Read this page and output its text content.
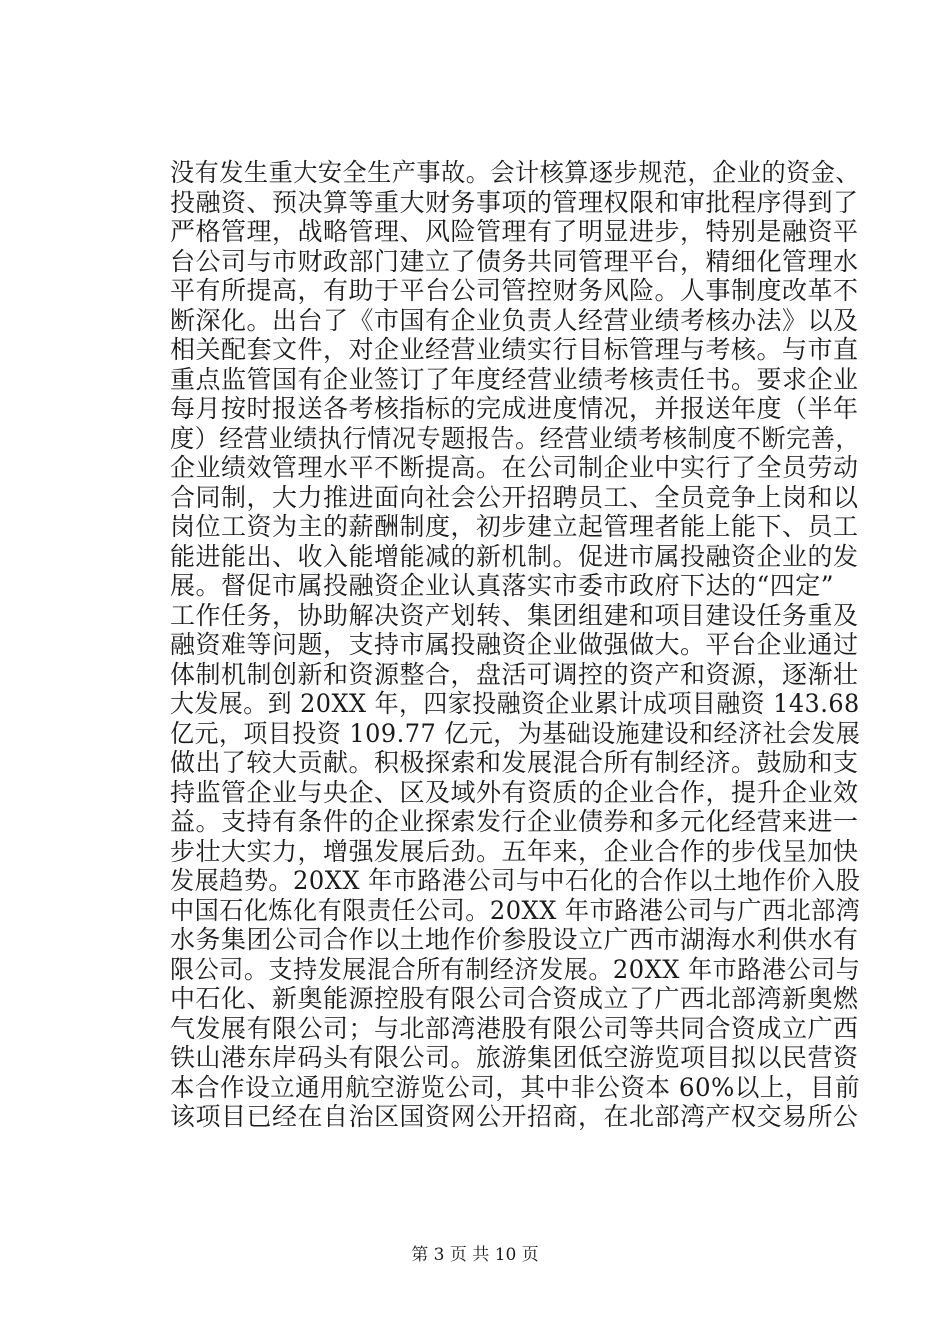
没有发生重大安全生产事故。会计核算逐步规范，企业的资金、
投融资、预决算等重大财务事项的管理权限和审批程序得到了
严格管理，战略管理、风险管理有了明显进步，特别是融资平
台公司与市财政部门建立了债务共同管理平台，精细化管理水
平有所提高，有助于平台公司管控财务风险。人事制度改革不
断深化。出台了《市国有企业负责人经营业绩考核办法》以及
相关配套文件，对企业经营业绩实行目标管理与考核。与市直
重点监管国有企业签订了年度经营业绩考核责任书。要求企业
每月按时报送各考核指标的完成进度情况，并报送年度（半年
度）经营业绩执行情况专题报告。经营业绩考核制度不断完善，
企业绩效管理水平不断提高。在公司制企业中实行了全员劳动
合同制，大力推进面向社会公开招聘员工、全员竞争上岗和以
岗位工资为主的薪酬制度，初步建立起管理者能上能下、员工
能进能出、收入能增能减的新机制。促进市属投融资企业的发
展。督促市属投融资企业认真落实市委市政府下达的“四定”
工作任务，协助解决资产划转、集团组建和项目建设任务重及
融资难等问题，支持市属投融资企业做强做大。平台企业通过
体制机制创新和资源整合，盘活可调控的资产和资源，逐渐壮
大发展。到 20XX 年，四家投融资企业累计成项目融资 143.68
亿元，项目投资 109.77 亿元，为基础设施建设和经济社会发展
做出了较大贡献。积极探索和发展混合所有制经济。鼓励和支
持监管企业与央企、区及域外有资质的企业合作，提升企业效
益。支持有条件的企业探索发行企业债券和多元化经营来进一
步壮大实力，增强发展后劲。五年来，企业合作的步伐呈加快
发展趋势。20XX 年市路港公司与中石化的合作以土地作价入股
中国石化炼化有限责任公司。20XX 年市路港公司与广西北部湾
水务集团公司合作以土地作价参股设立广西市湖海水利供水有
限公司。支持发展混合所有制经济发展。20XX 年市路港公司与
中石化、新奥能源控股有限公司合资成立了广西北部湾新奥燃
气发展有限公司；与北部湾港股有限公司等共同合资成立广西
铁山港东岸码头有限公司。旅游集团低空游览项目拟以民营资
本合作设立通用航空游览公司，其中非公资本 60%以上，目前
该项目已经在自治区国资网公开招商，在北部湾产权交易所公
第 3 页 共 10 页
